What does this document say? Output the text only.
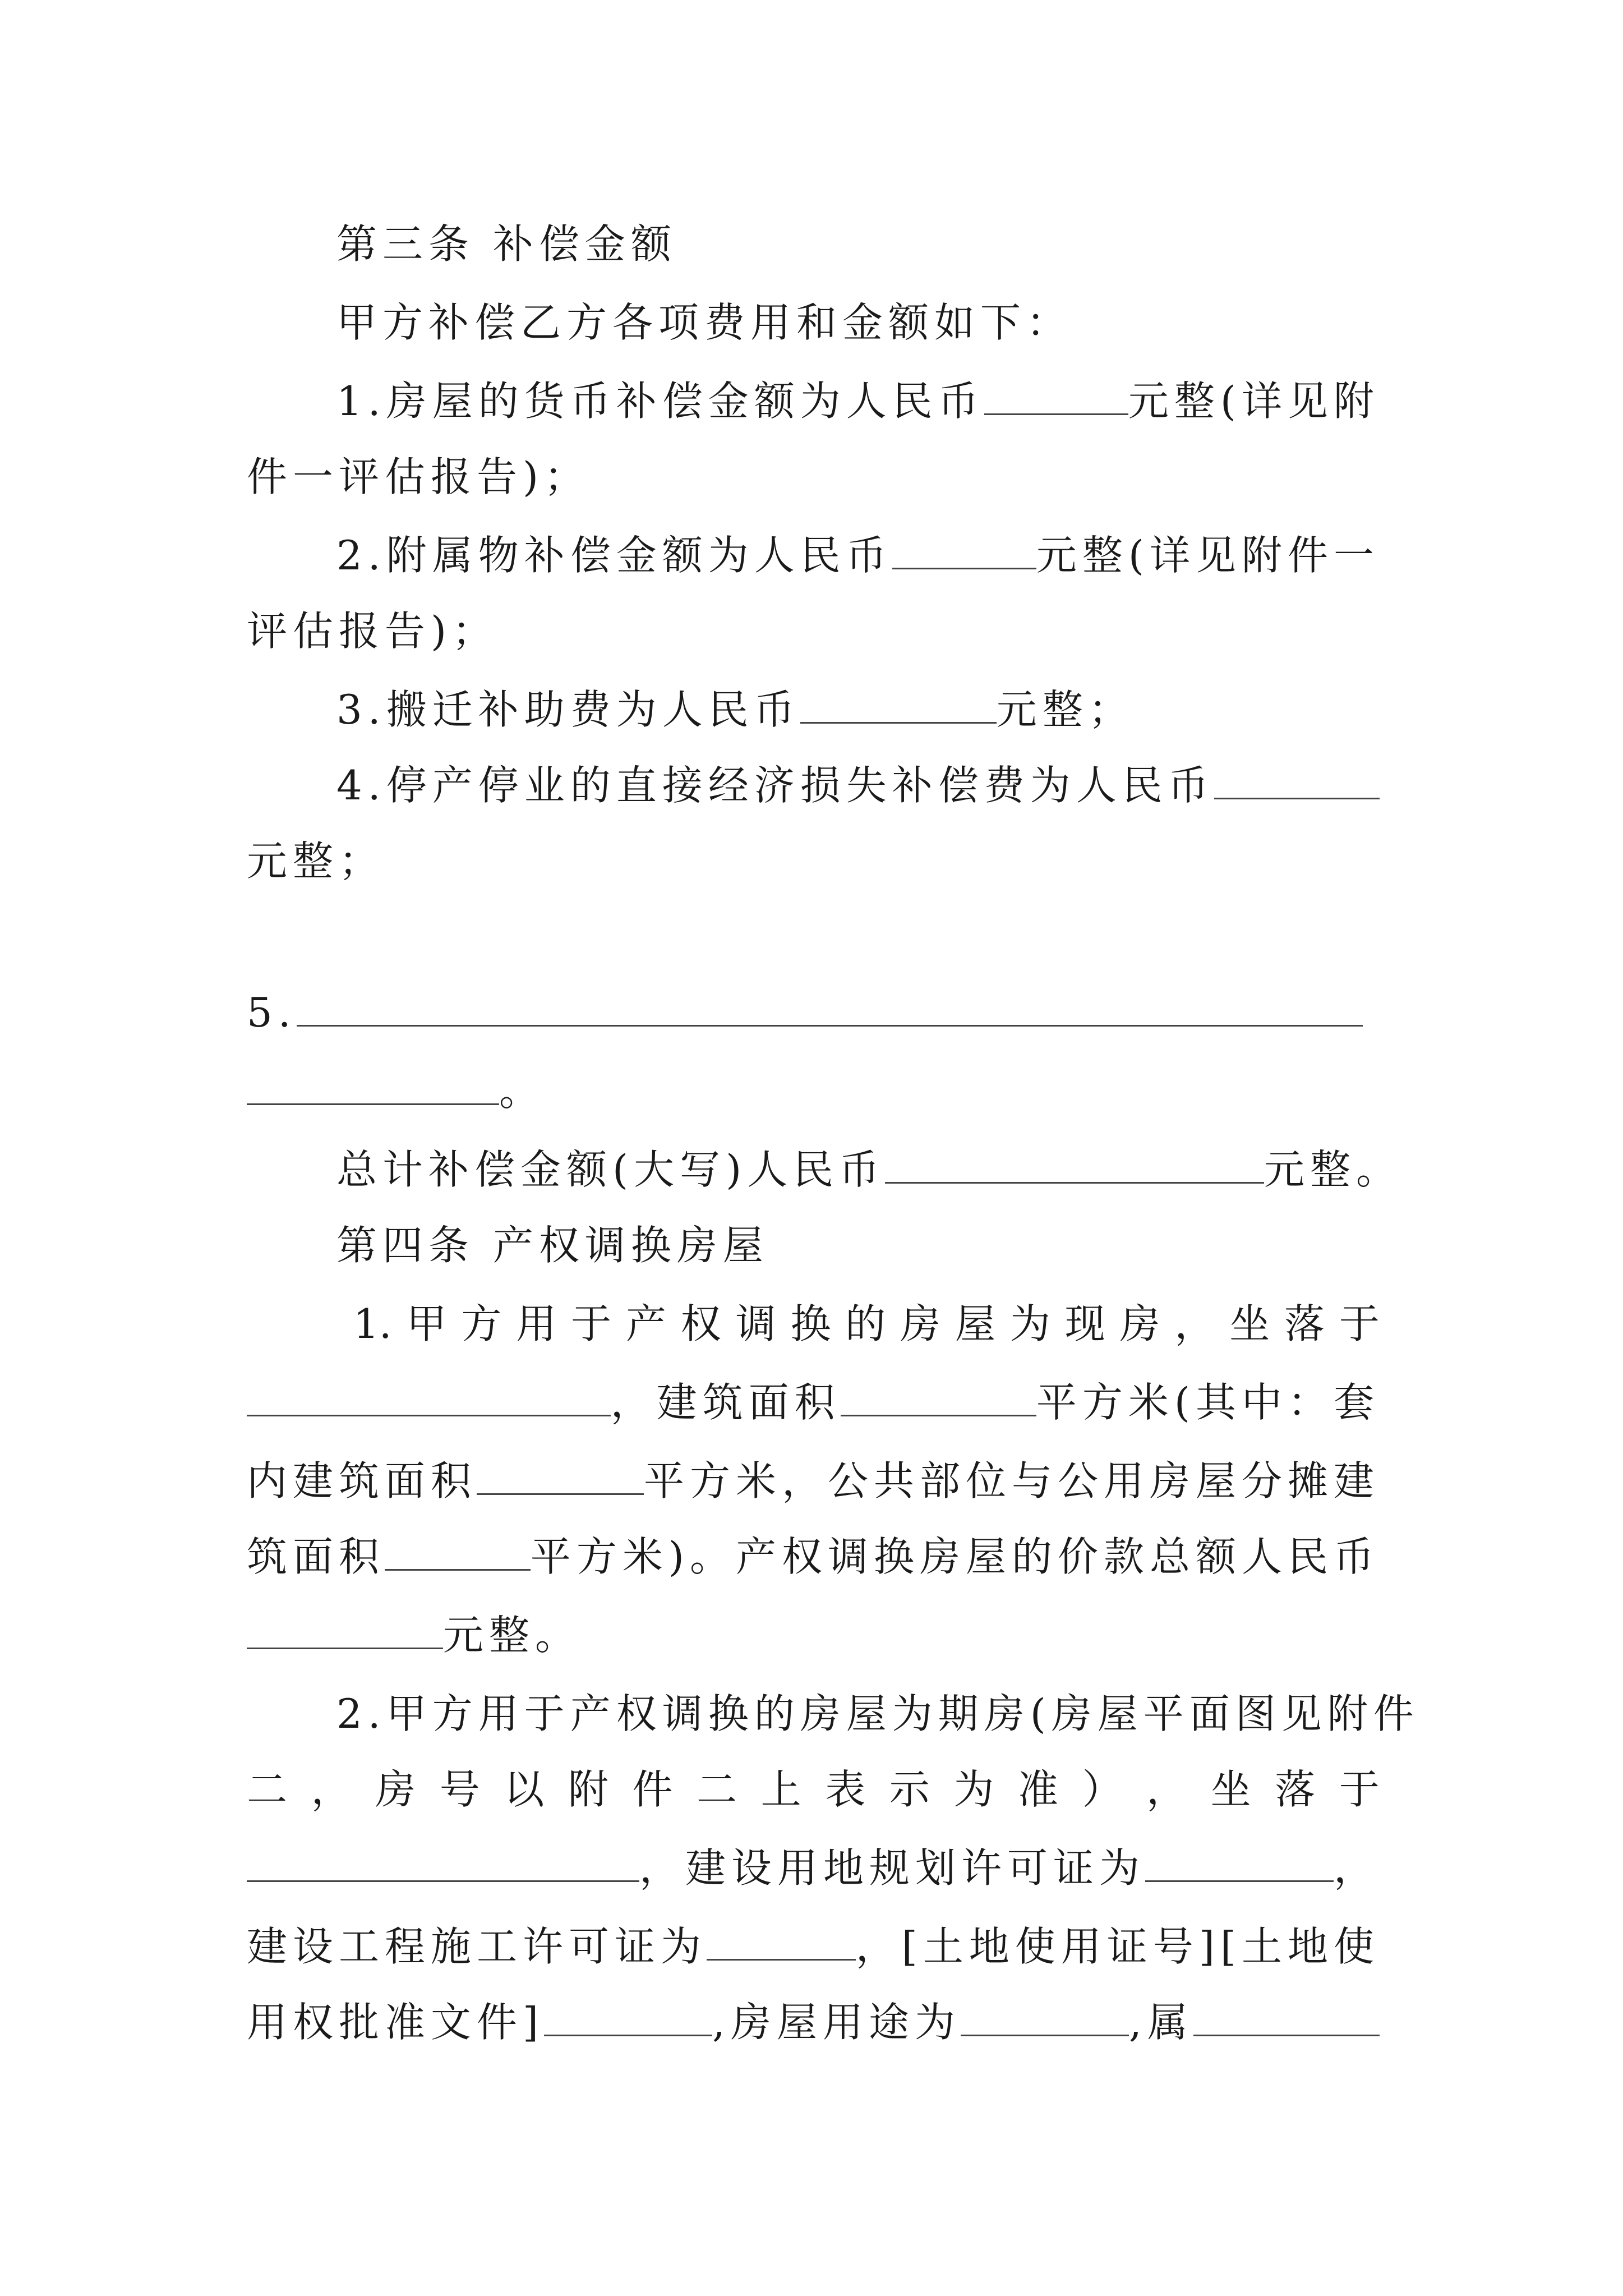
第三条 补偿金额
甲方补偿乙方各项费用和金额如下：
1.房屋的货币补偿金额为人民币	元整(详见附
件一评估报告)；
2.附属物补偿金额为人民币	元整(详见附件一
评估报告)；
3.搬迁补助费为人民币	元整；
4.停产停业的直接经济损失补偿费为人民币
元整；
5.
。
总计补偿金额(大写)人民币	元整。
第四条 产权调换房屋
1. 甲 方 用 于 产 权 调 换 的 房 屋 为 现 房 ， 坐 落 于
，建筑面积	平方米(其中：套
内建筑面积	平方米，公共部位与公用房屋分摊建
筑面积	平方米)。产权调换房屋的价款总额人民币
元整。
2.甲方用于产权调换的房屋为期房(房屋平面图见附件
二 ， 房 号 以 附 件 二 上 表 示 为 准 ） ， 坐 落 于
，建设用地规划许可证为	，
建设工程施工许可证为	，[土地使用证号][土地使
用权批准文件]	,房屋用途为	,属
